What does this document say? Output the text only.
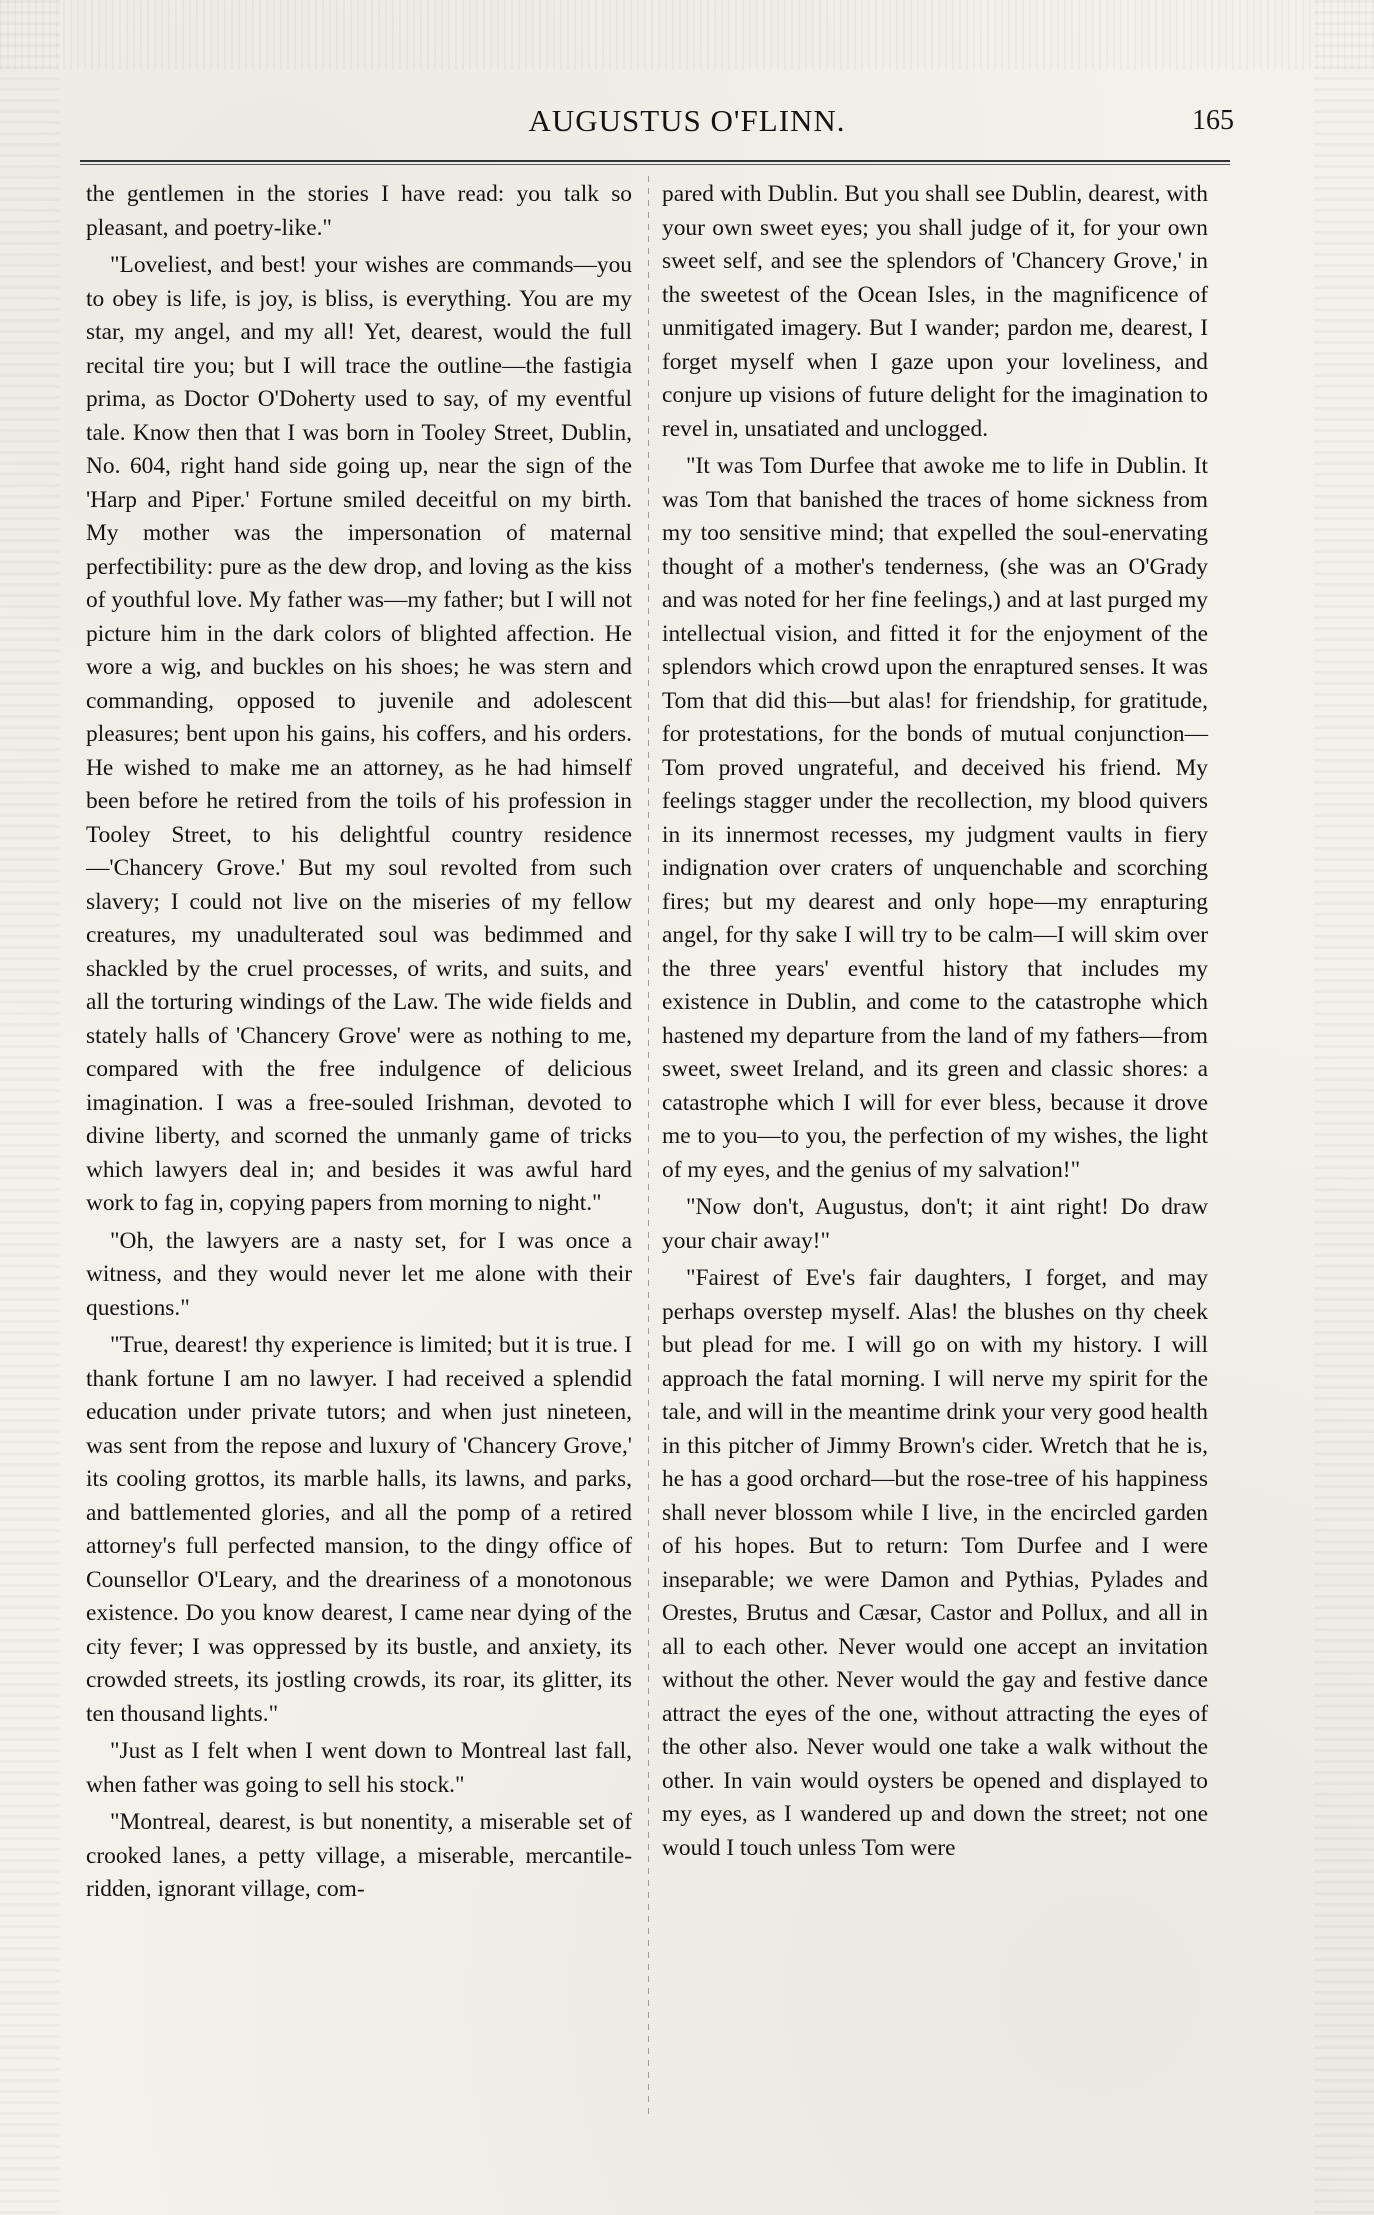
AUGUSTUS O'FLINN.	165

the gentlemen in the stories I have read: you talk so pleasant, and poetry-like."

"Loveliest, and best! your wishes are commands—you to obey is life, is joy, is bliss, is everything. You are my star, my angel, and my all! Yet, dearest, would the full recital tire you; but I will trace the outline—the fastigia prima, as Doctor O'Doherty used to say, of my eventful tale. Know then that I was born in Tooley Street, Dublin, No. 604, right hand side going up, near the sign of the 'Harp and Piper.' Fortune smiled deceitful on my birth. My mother was the impersonation of maternal perfectibility: pure as the dew drop, and loving as the kiss of youthful love. My father was—my father; but I will not picture him in the dark colors of blighted affection. He wore a wig, and buckles on his shoes; he was stern and commanding, opposed to juvenile and adolescent pleasures; bent upon his gains, his coffers, and his orders. He wished to make me an attorney, as he had himself been before he retired from the toils of his profession in Tooley Street, to his delightful country residence—'Chancery Grove.' But my soul revolted from such slavery; I could not live on the miseries of my fellow creatures, my unadulterated soul was bedimmed and shackled by the cruel processes, of writs, and suits, and all the torturing windings of the Law. The wide fields and stately halls of 'Chancery Grove' were as nothing to me, compared with the free indulgence of delicious imagination. I was a free-souled Irishman, devoted to divine liberty, and scorned the unmanly game of tricks which lawyers deal in; and besides it was awful hard work to fag in, copying papers from morning to night."

"Oh, the lawyers are a nasty set, for I was once a witness, and they would never let me alone with their questions."

"True, dearest! thy experience is limited; but it is true. I thank fortune I am no lawyer. I had received a splendid education under private tutors; and when just nineteen, was sent from the repose and luxury of 'Chancery Grove,' its cooling grottos, its marble halls, its lawns, and parks, and battlemented glories, and all the pomp of a retired attorney's full perfected mansion, to the dingy office of Counsellor O'Leary, and the dreariness of a monotonous existence. Do you know dearest, I came near dying of the city fever; I was oppressed by its bustle, and anxiety, its crowded streets, its jostling crowds, its roar, its glitter, its ten thousand lights."

"Just as I felt when I went down to Montreal last fall, when father was going to sell his stock."

"Montreal, dearest, is but nonentity, a miserable set of crooked lanes, a petty village, a miserable, mercantile-ridden, ignorant village, com-

pared with Dublin. But you shall see Dublin, dearest, with your own sweet eyes; you shall judge of it, for your own sweet self, and see the splendors of 'Chancery Grove,' in the sweetest of the Ocean Isles, in the magnificence of unmitigated imagery. But I wander; pardon me, dearest, I forget myself when I gaze upon your loveliness, and conjure up visions of future delight for the imagination to revel in, unsatiated and unclogged.

"It was Tom Durfee that awoke me to life in Dublin. It was Tom that banished the traces of home sickness from my too sensitive mind; that expelled the soul-enervating thought of a mother's tenderness, (she was an O'Grady and was noted for her fine feelings,) and at last purged my intellectual vision, and fitted it for the enjoyment of the splendors which crowd upon the enraptured senses. It was Tom that did this—but alas! for friendship, for gratitude, for protestations, for the bonds of mutual conjunction—Tom proved ungrateful, and deceived his friend. My feelings stagger under the recollection, my blood quivers in its innermost recesses, my judgment vaults in fiery indignation over craters of unquenchable and scorching fires; but my dearest and only hope—my enrapturing angel, for thy sake I will try to be calm—I will skim over the three years' eventful history that includes my existence in Dublin, and come to the catastrophe which hastened my departure from the land of my fathers—from sweet, sweet Ireland, and its green and classic shores: a catastrophe which I will for ever bless, because it drove me to you—to you, the perfection of my wishes, the light of my eyes, and the genius of my salvation!"

"Now don't, Augustus, don't; it aint right! Do draw your chair away!"

"Fairest of Eve's fair daughters, I forget, and may perhaps overstep myself. Alas! the blushes on thy cheek but plead for me. I will go on with my history. I will approach the fatal morning. I will nerve my spirit for the tale, and will in the meantime drink your very good health in this pitcher of Jimmy Brown's cider. Wretch that he is, he has a good orchard—but the rose-tree of his happiness shall never blossom while I live, in the encircled garden of his hopes. But to return: Tom Durfee and I were inseparable; we were Damon and Pythias, Pylades and Orestes, Brutus and Cæsar, Castor and Pollux, and all in all to each other. Never would one accept an invitation without the other. Never would the gay and festive dance attract the eyes of the one, without attracting the eyes of the other also. Never would one take a walk without the other. In vain would oysters be opened and displayed to my eyes, as I wandered up and down the street; not one would I touch unless Tom were
